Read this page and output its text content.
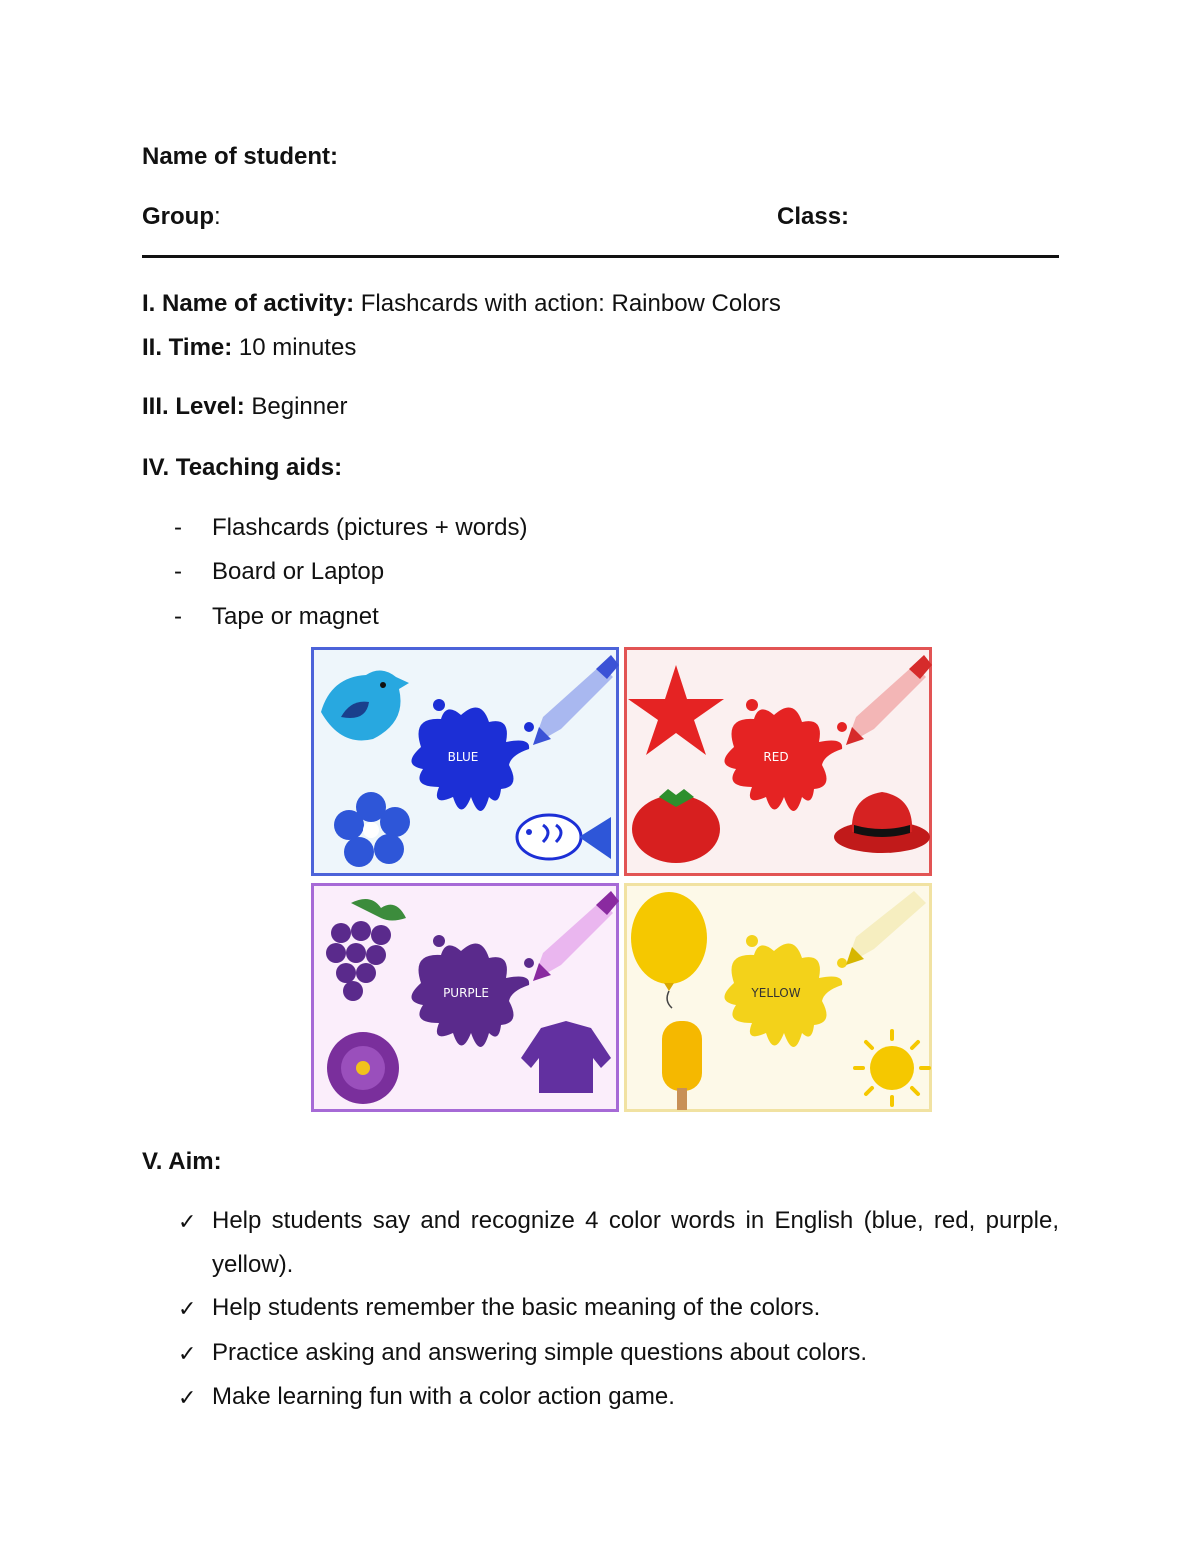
Name of student:
Group:	Class:
I. Name of activity: Flashcards with action: Rainbow Colors
II. Time: 10 minutes
III. Level: Beginner
IV. Teaching aids:
- Flashcards (pictures + words)
- Board or Laptop
- Tape or magnet
BLUE	RED
PURPLE	YELLOW
V. Aim:
✓ Help students say and recognize 4 color words in English (blue, red, purple, yellow).
✓ Help students remember the basic meaning of the colors.
✓ Practice asking and answering simple questions about colors.
✓ Make learning fun with a color action game.
